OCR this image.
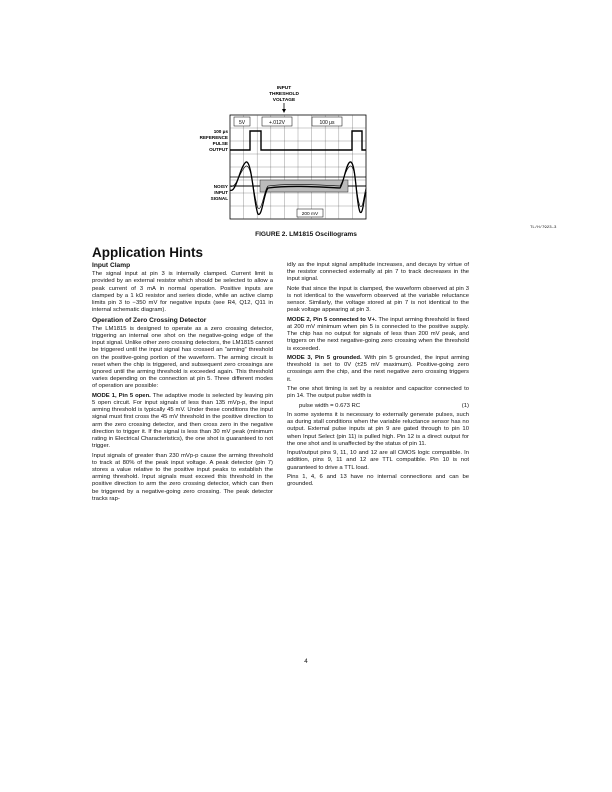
INPUT
THRESHOLD
VOLTAGE
5V	+.012V	100 μs
200 mV
100 μs
REFERENCE
PULSE
OUTPUT
NOISY
INPUT
SIGNAL
TL/H/7923–3
FIGURE 2. LM1815 Oscillograms
Application Hints
Input Clamp

The signal input at pin 3 is internally clamped. Current limit is provided by an external resistor which should be selected to allow a peak current of 3 mA in normal operation. Positive inputs are clamped by a 1 kΩ resistor and series diode, while an active clamp limits pin 3 to −350 mV for negative inputs (see R4, Q12, Q11 in internal schematic diagram).

Operation of Zero Crossing Detector

The LM1815 is designed to operate as a zero crossing detector, triggering an internal one shot on the negative-going edge of the input signal. Unlike other zero crossing detectors, the LM1815 cannot be triggered until the input signal has crossed an “arming” threshold on the positive-going portion of the waveform. The arming circuit is reset when the chip is triggered, and subsequent zero crossings are ignored until the arming threshold is exceeded again. This threshold varies depending on the connection at pin 5. Three different modes of operation are possible:

MODE 1, Pin 5 open. The adaptive mode is selected by leaving pin 5 open circuit. For input signals of less than 135 mVp-p, the input arming threshold is typically 45 mV. Under these conditions the input signal must first cross the 45 mV threshold in the positive direction to arm the zero crossing detector, and then cross zero in the negative direction to trigger it. If the signal is less than 30 mV peak (minimum rating in Electrical Characteristics), the one shot is guaranteed to not trigger.

Input signals of greater than 230 mVp-p cause the arming threshold to track at 80% of the peak input voltage. A peak detector (pin 7) stores a value relative to the positive input peaks to establish the arming threshold. Input signals must exceed this threshold in the positive direction to arm the zero crossing detector, which can then be triggered by a negative-going zero crossing. The peak detector tracks rap-

idly as the input signal amplitude increases, and decays by virtue of the resistor connected externally at pin 7 to track decreases in the input signal.

Note that since the input is clamped, the waveform observed at pin 3 is not identical to the waveform observed at the variable reluctance sensor. Similarly, the voltage stored at pin 7 is not identical to the peak voltage appearing at pin 3.

MODE 2, Pin 5 connected to V+. The input arming threshold is fixed at 200 mV minimum when pin 5 is connected to the positive supply. The chip has no output for signals of less than 200 mV peak, and triggers on the next negative-going zero crossing when the threshold is exceeded.

MODE 3, Pin 5 grounded. With pin 5 grounded, the input arming threshold is set to 0V (±25 mV maximum). Positive-going zero crossings arm the chip, and the next negative zero crossing triggers it.

The one shot timing is set by a resistor and capacitor connected to pin 14. The output pulse width is

pulse width = 0.673 RC	(1)

In some systems it is necessary to externally generate pulses, such as during stall conditions when the variable reluctance sensor has no output. External pulse inputs at pin 9 are gated through to pin 10 when Input Select (pin 11) is pulled high. Pin 12 is a direct output for the one shot and is unaffected by the status of pin 11.

Input/output pins 9, 11, 10 and 12 are all CMOS logic compatible. In addition, pins 9, 11 and 12 are TTL compatible. Pin 10 is not guaranteed to drive a TTL load.

Pins 1, 4, 6 and 13 have no internal connections and can be grounded.

4
